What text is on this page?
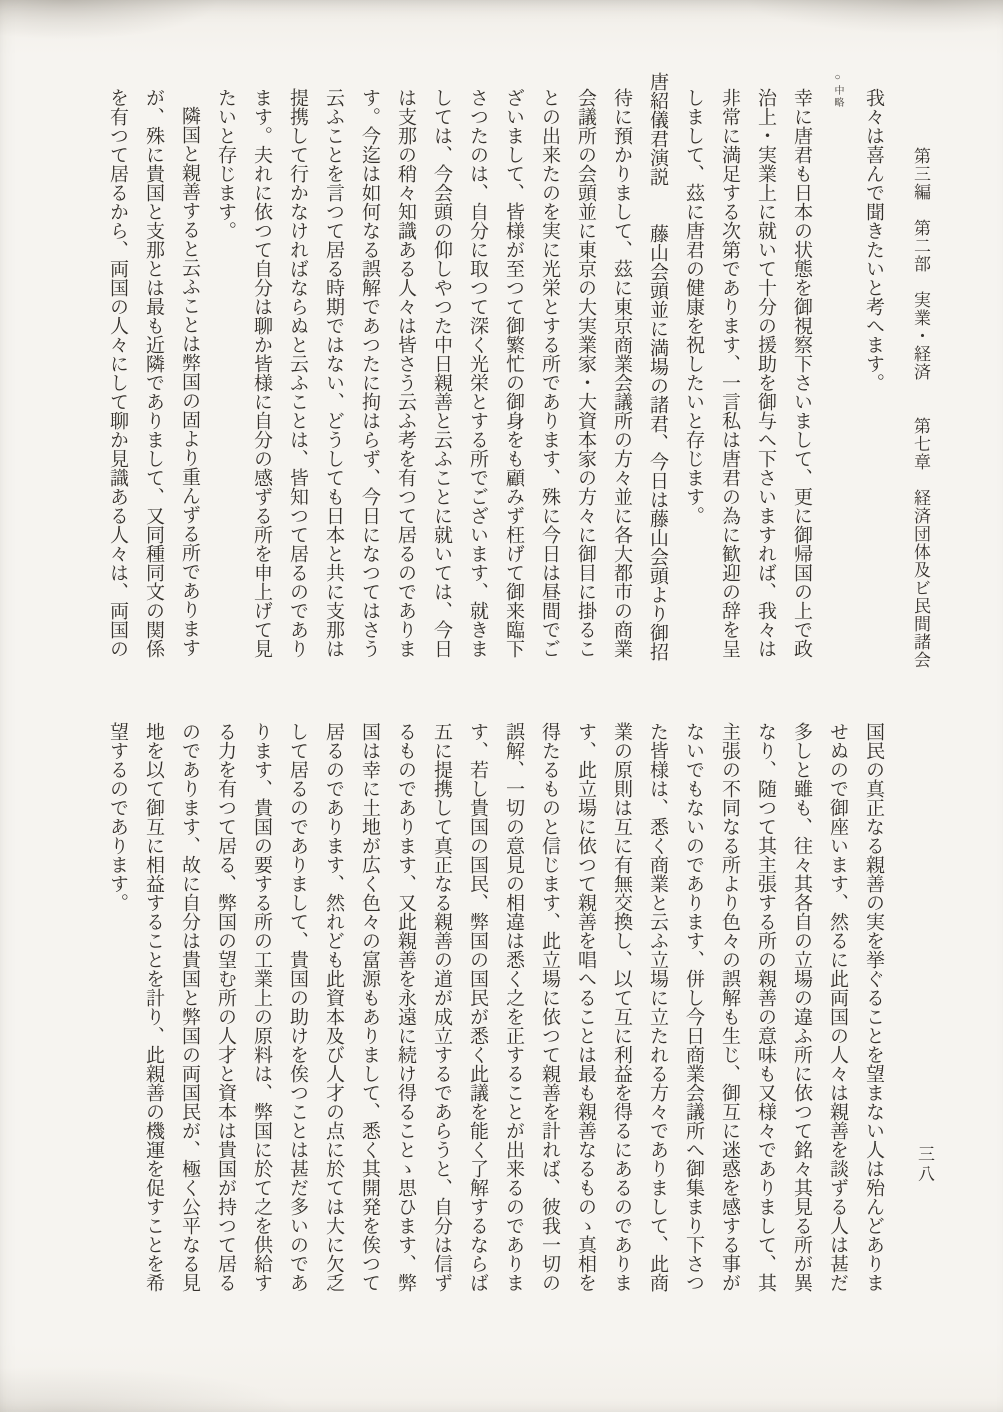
第三編　第二部　実業・経済　　第七章　経済団体及ビ民間諸会
三八
我々は喜んで聞きたいと考へます。
○中略
幸に唐君も日本の状態を御視察下さいまして、更に御帰国の上で政
治上・実業上に就いて十分の援助を御与へ下さいますれば、我々は
非常に満足する次第であります、一言私は唐君の為に歓迎の辞を呈
しまして、茲に唐君の健康を祝したいと存じます。
唐紹儀君演説　　藤山会頭並に満場の諸君、今日は藤山会頭より御招
待に預かりまして、茲に東京商業会議所の方々並に各大都市の商業
会議所の会頭並に東京の大実業家・大資本家の方々に御目に掛るこ
との出来たのを実に光栄とする所であります、殊に今日は昼間でご
ざいまして、皆様が至つて御繁忙の御身をも顧みず枉げて御来臨下
さつたのは、自分に取つて深く光栄とする所でございます、就きま
しては、今会頭の仰しやつた中日親善と云ふことに就いては、今日
は支那の稍々知識ある人々は皆さう云ふ考を有つて居るのでありま
す。今迄は如何なる誤解であつたに拘はらず、今日になつてはさう
云ふことを言つて居る時期ではない、どうしても日本と共に支那は
提携して行かなければならぬと云ふことは、皆知つて居るのであり
ます。夫れに依つて自分は聊か皆様に自分の感ずる所を申上げて見
たいと存じます。
隣国と親善すると云ふことは弊国の固より重んずる所であります
が、殊に貴国と支那とは最も近隣でありまして、又同種同文の関係
を有つて居るから、両国の人々にして聊か見識ある人々は、両国の
国民の真正なる親善の実を挙ぐることを望まない人は殆んどありま
せぬので御座います、然るに此両国の人々は親善を談ずる人は甚だ
多しと雖も、往々其各自の立場の違ふ所に依つて銘々其見る所が異
なり、随つて其主張する所の親善の意味も又様々でありまして、其
主張の不同なる所より色々の誤解も生じ、御互に迷惑を感する事が
ないでもないのであります、併し今日商業会議所へ御集まり下さつ
た皆様は、悉く商業と云ふ立場に立たれる方々でありまして、此商
業の原則は互に有無交換し、以て互に利益を得るにあるのでありま
す、此立場に依つて親善を唱へることは最も親善なるものゝ真相を
得たるものと信じます、此立場に依つて親善を計れば、彼我一切の
誤解、一切の意見の相違は悉く之を正することが出来るのでありま
す、若し貴国の国民、弊国の国民が悉く此議を能く了解するならば
五に提携して真正なる親善の道が成立するであらうと、自分は信ず
るものであります、又此親善を永遠に続け得ることゝ思ひます、弊
国は幸に土地が広く色々の富源もありまして、悉く其開発を俟つて
居るのであります、然れども此資本及び人才の点に於ては大に欠乏
して居るのでありまして、貴国の助けを俟つことは甚だ多いのであ
ります、貴国の要する所の工業上の原料は、弊国に於て之を供給す
る力を有つて居る、弊国の望む所の人才と資本は貴国が持つて居る
のであります、故に自分は貴国と弊国の両国民が、極く公平なる見
地を以て御互に相益することを計り、此親善の機運を促すことを希
望するのであります。
